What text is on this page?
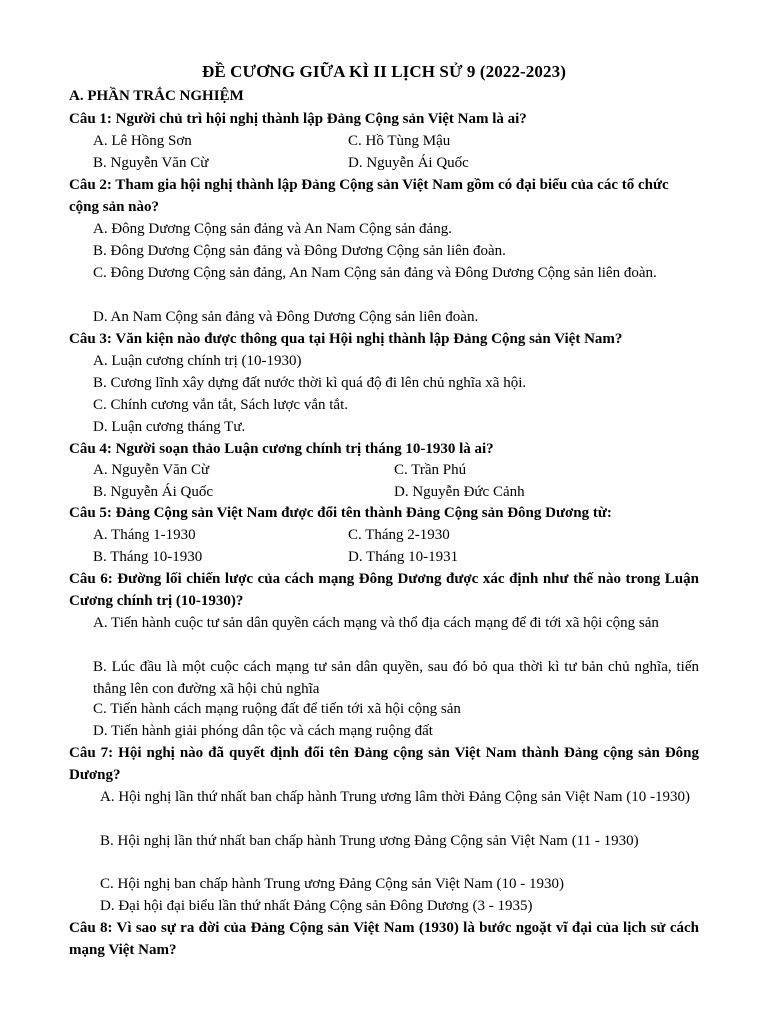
ĐỀ CƯƠNG GIỮA KÌ II LỊCH SỬ 9 (2022-2023)
A. PHẦN TRẮC NGHIỆM
Câu 1: Người chủ trì hội nghị thành lập Đảng Cộng sản Việt Nam là ai?
A. Lê Hồng Sơn	C. Hồ Tùng Mậu
B. Nguyễn Văn Cừ	D. Nguyễn Ái Quốc
Câu 2: Tham gia hội nghị thành lập Đảng Cộng sản Việt Nam gồm có đại biểu của các tổ chức cộng sản nào?
A. Đông Dương Cộng sản đảng và An Nam Cộng sản đảng.
B. Đông Dương Cộng sản đảng và Đông Dương Cộng sản liên đoàn.
C. Đông Dương Cộng sản đảng, An Nam Cộng sản đảng và Đông Dương Cộng sản liên đoàn.
D. An Nam Cộng sản đảng và Đông Dương Cộng sản liên đoàn.
Câu 3: Văn kiện nào được thông qua tại Hội nghị thành lập Đảng Cộng sản Việt Nam?
A. Luận cương chính trị (10-1930)
B. Cương lĩnh xây dựng đất nước thời kì quá độ đi lên chủ nghĩa xã hội.
C. Chính cương vắn tắt, Sách lược vắn tắt.
D. Luận cương tháng Tư.
Câu 4: Người soạn thảo Luận cương chính trị tháng 10-1930 là ai?
A. Nguyễn Văn Cừ	C. Trần Phú
B. Nguyễn Ái Quốc	D. Nguyễn Đức Cảnh
Câu 5: Đảng Cộng sản Việt Nam được đổi tên thành Đảng Cộng sản Đông Dương từ:
A. Tháng 1-1930	C. Tháng 2-1930
B. Tháng 10-1930	D. Tháng 10-1931
Câu 6: Đường lối chiến lược của cách mạng Đông Dương được xác định như thế nào trong Luận Cương chính trị (10-1930)?
A. Tiến hành cuộc tư sản dân quyền cách mạng và thổ địa cách mạng để đi tới xã hội cộng sản
B. Lúc đầu là một cuộc cách mạng tư sản dân quyền, sau đó bỏ qua thời kì tư bản chủ nghĩa, tiến thẳng lên con đường xã hội chủ nghĩa
C. Tiến hành cách mạng ruộng đất để tiến tới xã hội cộng sản
D. Tiến hành giải phóng dân tộc và cách mạng ruộng đất
Câu 7: Hội nghị nào đã quyết định đổi tên Đảng cộng sản Việt Nam thành Đảng cộng sản Đông Dương?
A. Hội nghị lần thứ nhất ban chấp hành Trung ương lâm thời Đảng Cộng sản Việt Nam (10 -1930)
B. Hội nghị lần thứ nhất ban chấp hành Trung ương Đảng Cộng sản Việt Nam (11 - 1930)
C. Hội nghị ban chấp hành Trung ương Đảng Cộng sản Việt Nam (10 - 1930)
D. Đại hội đại biểu lần thứ nhất Đảng Cộng sản Đông Dương (3 - 1935)
Câu 8: Vì sao sự ra đời của Đảng Cộng sản Việt Nam (1930) là bước ngoặt vĩ đại của lịch sử cách mạng Việt Nam?
